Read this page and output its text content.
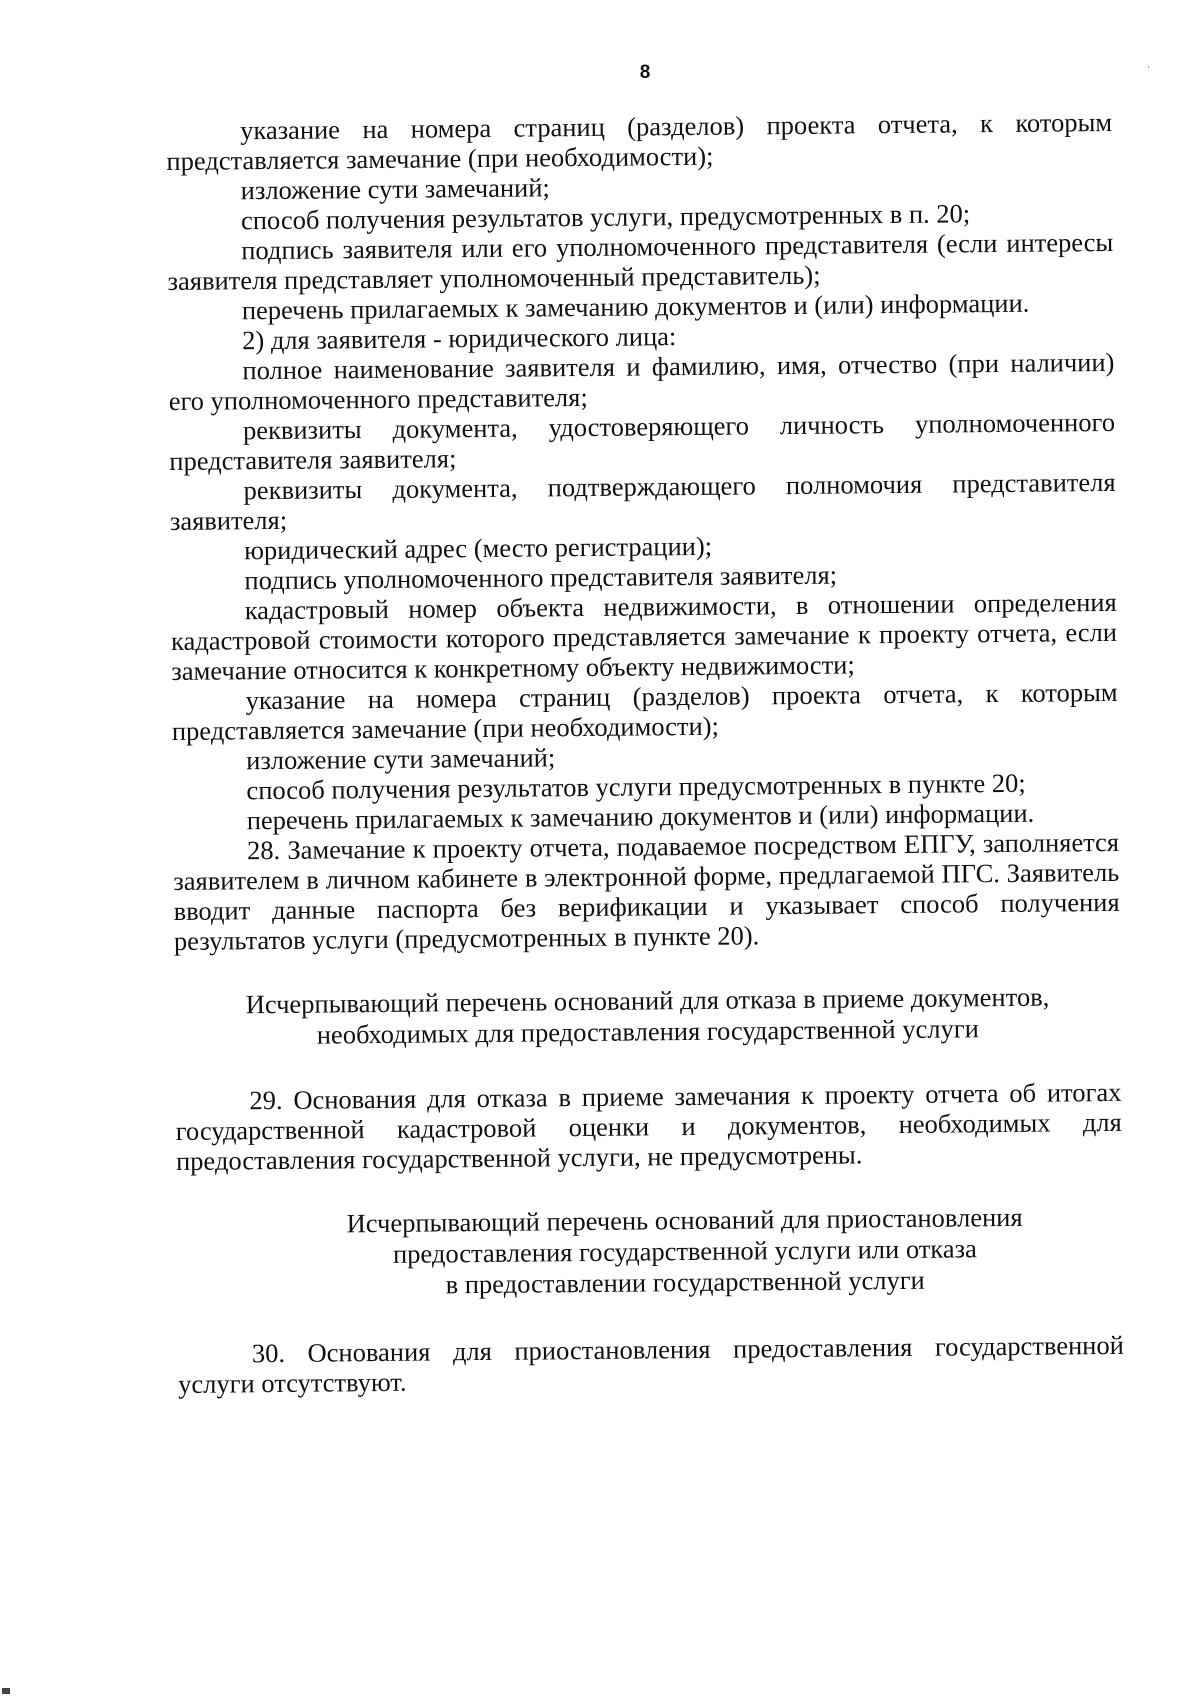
8

указание на номера страниц (разделов) проекта отчета, к которым представляется замечание (при необходимости);

изложение сути замечаний;

способ получения результатов услуги, предусмотренных в п. 20;

подпись заявителя или его уполномоченного представителя (если интересы заявителя представляет уполномоченный представитель);

перечень прилагаемых к замечанию документов и (или) информации.

2) для заявителя - юридического лица:

полное наименование заявителя и фамилию, имя, отчество (при наличии) его уполномоченного представителя;

реквизиты документа, удостоверяющего личность уполномоченного представителя заявителя;

реквизиты документа, подтверждающего полномочия представителя заявителя;

юридический адрес (место регистрации);

подпись уполномоченного представителя заявителя;

кадастровый номер объекта недвижимости, в отношении определения кадастровой стоимости которого представляется замечание к проекту отчета, если замечание относится к конкретному объекту недвижимости;

указание на номера страниц (разделов) проекта отчета, к которым представляется замечание (при необходимости);

изложение сути замечаний;

способ получения результатов услуги предусмотренных в пункте 20;

перечень прилагаемых к замечанию документов и (или) информации.

28. Замечание к проекту отчета, подаваемое посредством ЕПГУ, заполняется заявителем в личном кабинете в электронной форме, предлагаемой ПГС. Заявитель вводит данные паспорта без верификации и указывает способ получения результатов услуги (предусмотренных в пункте 20).

Исчерпывающий перечень оснований для отказа в приеме документов,
необходимых для предоставления государственной услуги

29. Основания для отказа в приеме замечания к проекту отчета об итогах государственной кадастровой оценки и документов, необходимых для предоставления государственной услуги, не предусмотрены.

Исчерпывающий перечень оснований для приостановления
предоставления государственной услуги или отказа
в предоставлении государственной услуги

30. Основания для приостановления предоставления государственной услуги отсутствуют.
